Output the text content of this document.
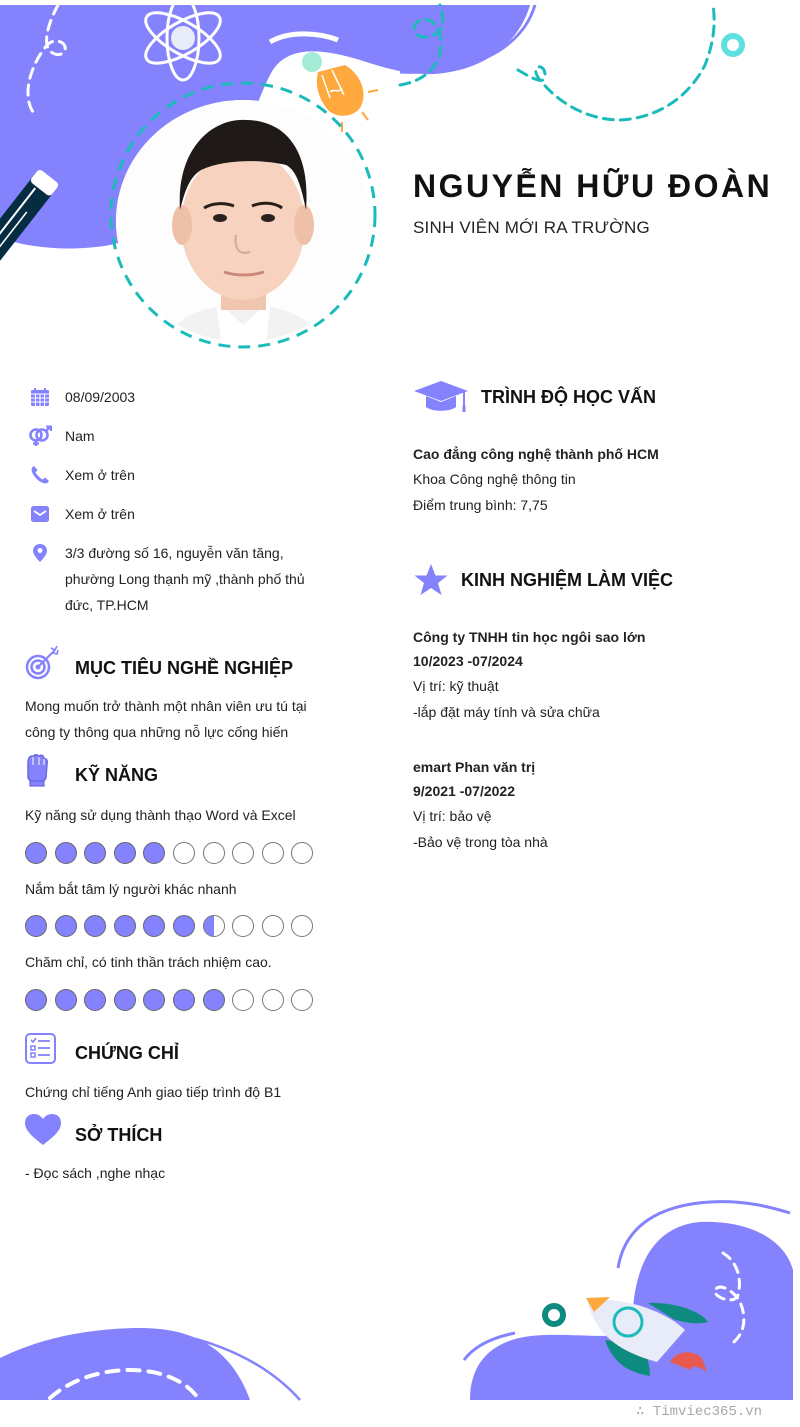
NGUYỄN HỮU ĐOÀN
SINH VIÊN MỚI RA TRƯỜNG
08/09/2003
Nam
Xem ở trên
Xem ở trên
3/3 đường số 16, nguyễn văn tăng, phường Long thạnh mỹ ,thành phố thủ đức, TP.HCM
MỤC TIÊU NGHỀ NGHIỆP
Mong muốn trở thành một nhân viên ưu tú tại công ty thông qua những nỗ lực cống hiến
KỸ NĂNG
Kỹ năng sử dụng thành thạo Word và Excel
Nắm bắt tâm lý người khác nhanh
Chăm chỉ, có tinh thần trách nhiệm cao.
CHỨNG CHỈ
Chứng chỉ tiếng Anh giao tiếp trình độ B1
SỞ THÍCH
- Đọc sách ,nghe nhạc
TRÌNH ĐỘ HỌC VẤN
Cao đẳng công nghệ thành phố HCM
Khoa Công nghệ thông tin
Điểm trung bình: 7,75
KINH NGHIỆM LÀM VIỆC
Công ty TNHH tin học ngôi sao lớn
10/2023 -07/2024
Vị trí: kỹ thuật
-lắp đặt máy tính và sửa chữa
emart Phan văn trị
9/2021 -07/2022
Vị trí: bảo vệ
-Bảo vệ trong tòa nhà
∴ Timviec365.vn
